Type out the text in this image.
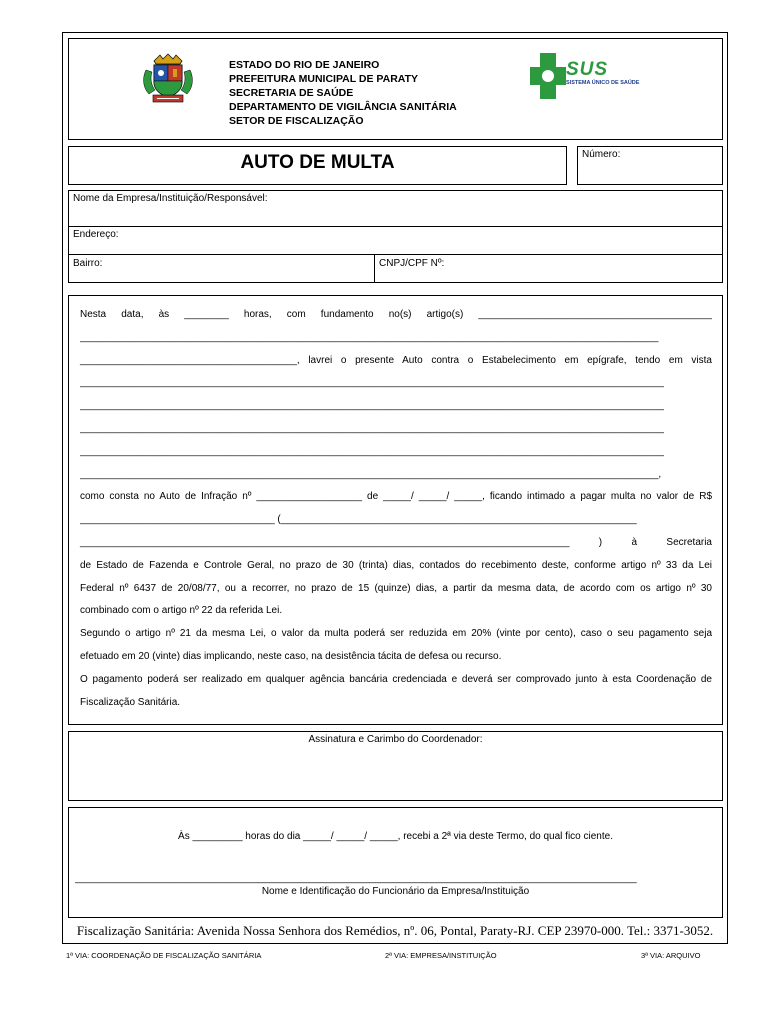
ESTADO DO RIO DE JANEIRO
PREFEITURA MUNICIPAL DE PARATY
SECRETARIA DE SAÚDE
DEPARTAMENTO DE VIGILÂNCIA SANITÁRIA
SETOR DE FISCALIZAÇÃO
SUS
SISTEMA ÚNICO DE SAÚDE
AUTO DE MULTA	Número:
Nome da Empresa/Instituição/Responsável:
Endereço:
Bairro:	CNPJ/CPF Nº:
Nesta data, às ________ horas, com fundamento no(s) artigo(s) __________________________________________
________________________________________________________________________________________________________
_______________________________________, lavrei o presente Auto contra o Estabelecimento em epígrafe, tendo em vista
_________________________________________________________________________________________________________
_________________________________________________________________________________________________________
_________________________________________________________________________________________________________
_________________________________________________________________________________________________________
________________________________________________________________________________________________________,
como consta no Auto de Infração nº ___________________ de _____/ _____/ _____, ficando intimado a pagar multa no valor de R$
___________________________________ (________________________________________________________________
________________________________________________________________________________________ ) à Secretaria
de Estado de Fazenda e Controle Geral, no prazo de 30 (trinta) dias, contados do recebimento deste, conforme artigo nº 33 da Lei
Federal nº 6437 de 20/08/77, ou a recorrer, no prazo de 15 (quinze) dias, a partir da mesma data, de acordo com os artigo nº 30
combinado com o artigo nº 22 da referida Lei.
Segundo o artigo nº 21 da mesma Lei, o valor da multa poderá ser reduzida em 20% (vinte por cento), caso o seu pagamento seja
efetuado em 20 (vinte) dias implicando, neste caso, na desistência tácita de defesa ou recurso.
O pagamento poderá ser realizado em qualquer agência bancária credenciada e deverá ser comprovado junto à esta Coordenação de
Fiscalização Sanitária.
Assinatura e Carimbo do Coordenador:
Às _________ horas do dia _____/ _____/ _____, recebi a 2ª via deste Termo, do qual fico ciente.
_____________________________________________________________________________________________________
Nome e Identificação do Funcionário da Empresa/Instituição
Fiscalização Sanitária: Avenida Nossa Senhora dos Remédios, nº. 06, Pontal, Paraty-RJ. CEP 23970-000. Tel.: 3371-3052.
1ª VIA: COORDENAÇÃO DE FISCALIZAÇÃO SANITÁRIA	2ª VIA: EMPRESA/INSTITUIÇÃO	3ª VIA: ARQUIVO
